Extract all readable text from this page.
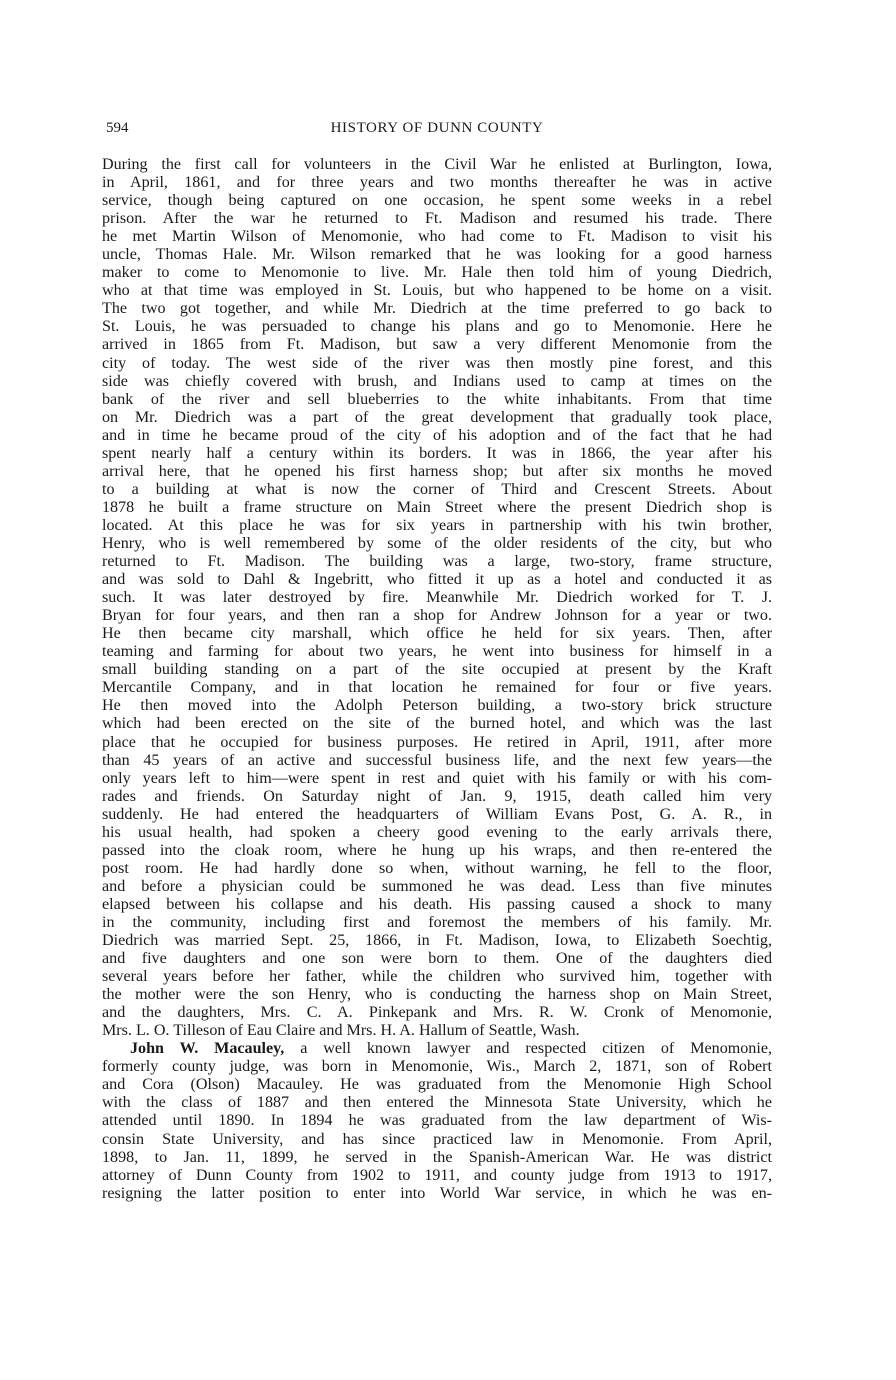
594	HISTORY OF DUNN COUNTY

During the first call for volunteers in the Civil War he enlisted at Burlington, Iowa,

in April, 1861, and for three years and two months thereafter he was in active

service, though being captured on one occasion, he spent some weeks in a rebel

prison. After the war he returned to Ft. Madison and resumed his trade. There

he met Martin Wilson of Menomonie, who had come to Ft. Madison to visit his

uncle, Thomas Hale. Mr. Wilson remarked that he was looking for a good harness

maker to come to Menomonie to live. Mr. Hale then told him of young Diedrich,

who at that time was employed in St. Louis, but who happened to be home on a visit.

The two got together, and while Mr. Diedrich at the time preferred to go back to

St. Louis, he was persuaded to change his plans and go to Menomonie. Here he

arrived in 1865 from Ft. Madison, but saw a very different Menomonie from the

city of today. The west side of the river was then mostly pine forest, and this

side was chiefly covered with brush, and Indians used to camp at times on the

bank of the river and sell blueberries to the white inhabitants. From that time

on Mr. Diedrich was a part of the great development that gradually took place,

and in time he became proud of the city of his adoption and of the fact that he had

spent nearly half a century within its borders. It was in 1866, the year after his

arrival here, that he opened his first harness shop; but after six months he moved

to a building at what is now the corner of Third and Crescent Streets. About

1878 he built a frame structure on Main Street where the present Diedrich shop is

located. At this place he was for six years in partnership with his twin brother,

Henry, who is well remembered by some of the older residents of the city, but who

returned to Ft. Madison. The building was a large, two-story, frame structure,

and was sold to Dahl & Ingebritt, who fitted it up as a hotel and conducted it as

such. It was later destroyed by fire. Meanwhile Mr. Diedrich worked for T. J.

Bryan for four years, and then ran a shop for Andrew Johnson for a year or two.

He then became city marshall, which office he held for six years. Then, after

teaming and farming for about two years, he went into business for himself in a

small building standing on a part of the site occupied at present by the Kraft

Mercantile Company, and in that location he remained for four or five years.

He then moved into the Adolph Peterson building, a two-story brick structure

which had been erected on the site of the burned hotel, and which was the last

place that he occupied for business purposes. He retired in April, 1911, after more

than 45 years of an active and successful business life, and the next few years—the

only years left to him—were spent in rest and quiet with his family or with his com-

rades and friends. On Saturday night of Jan. 9, 1915, death called him very

suddenly. He had entered the headquarters of William Evans Post, G. A. R., in

his usual health, had spoken a cheery good evening to the early arrivals there,

passed into the cloak room, where he hung up his wraps, and then re-entered the

post room. He had hardly done so when, without warning, he fell to the floor,

and before a physician could be summoned he was dead. Less than five minutes

elapsed between his collapse and his death. His passing caused a shock to many

in the community, including first and foremost the members of his family. Mr.

Diedrich was married Sept. 25, 1866, in Ft. Madison, Iowa, to Elizabeth Soechtig,

and five daughters and one son were born to them. One of the daughters died

several years before her father, while the children who survived him, together with

the mother were the son Henry, who is conducting the harness shop on Main Street,

and the daughters, Mrs. C. A. Pinkepank and Mrs. R. W. Cronk of Menomonie,

Mrs. L. O. Tilleson of Eau Claire and Mrs. H. A. Hallum of Seattle, Wash.

John W. Macauley, a well known lawyer and respected citizen of Menomonie,

formerly county judge, was born in Menomonie, Wis., March 2, 1871, son of Robert

and Cora (Olson) Macauley. He was graduated from the Menomonie High School

with the class of 1887 and then entered the Minnesota State University, which he

attended until 1890. In 1894 he was graduated from the law department of Wis-

consin State University, and has since practiced law in Menomonie. From April,

1898, to Jan. 11, 1899, he served in the Spanish-American War. He was district

attorney of Dunn County from 1902 to 1911, and county judge from 1913 to 1917,

resigning the latter position to enter into World War service, in which he was en-
